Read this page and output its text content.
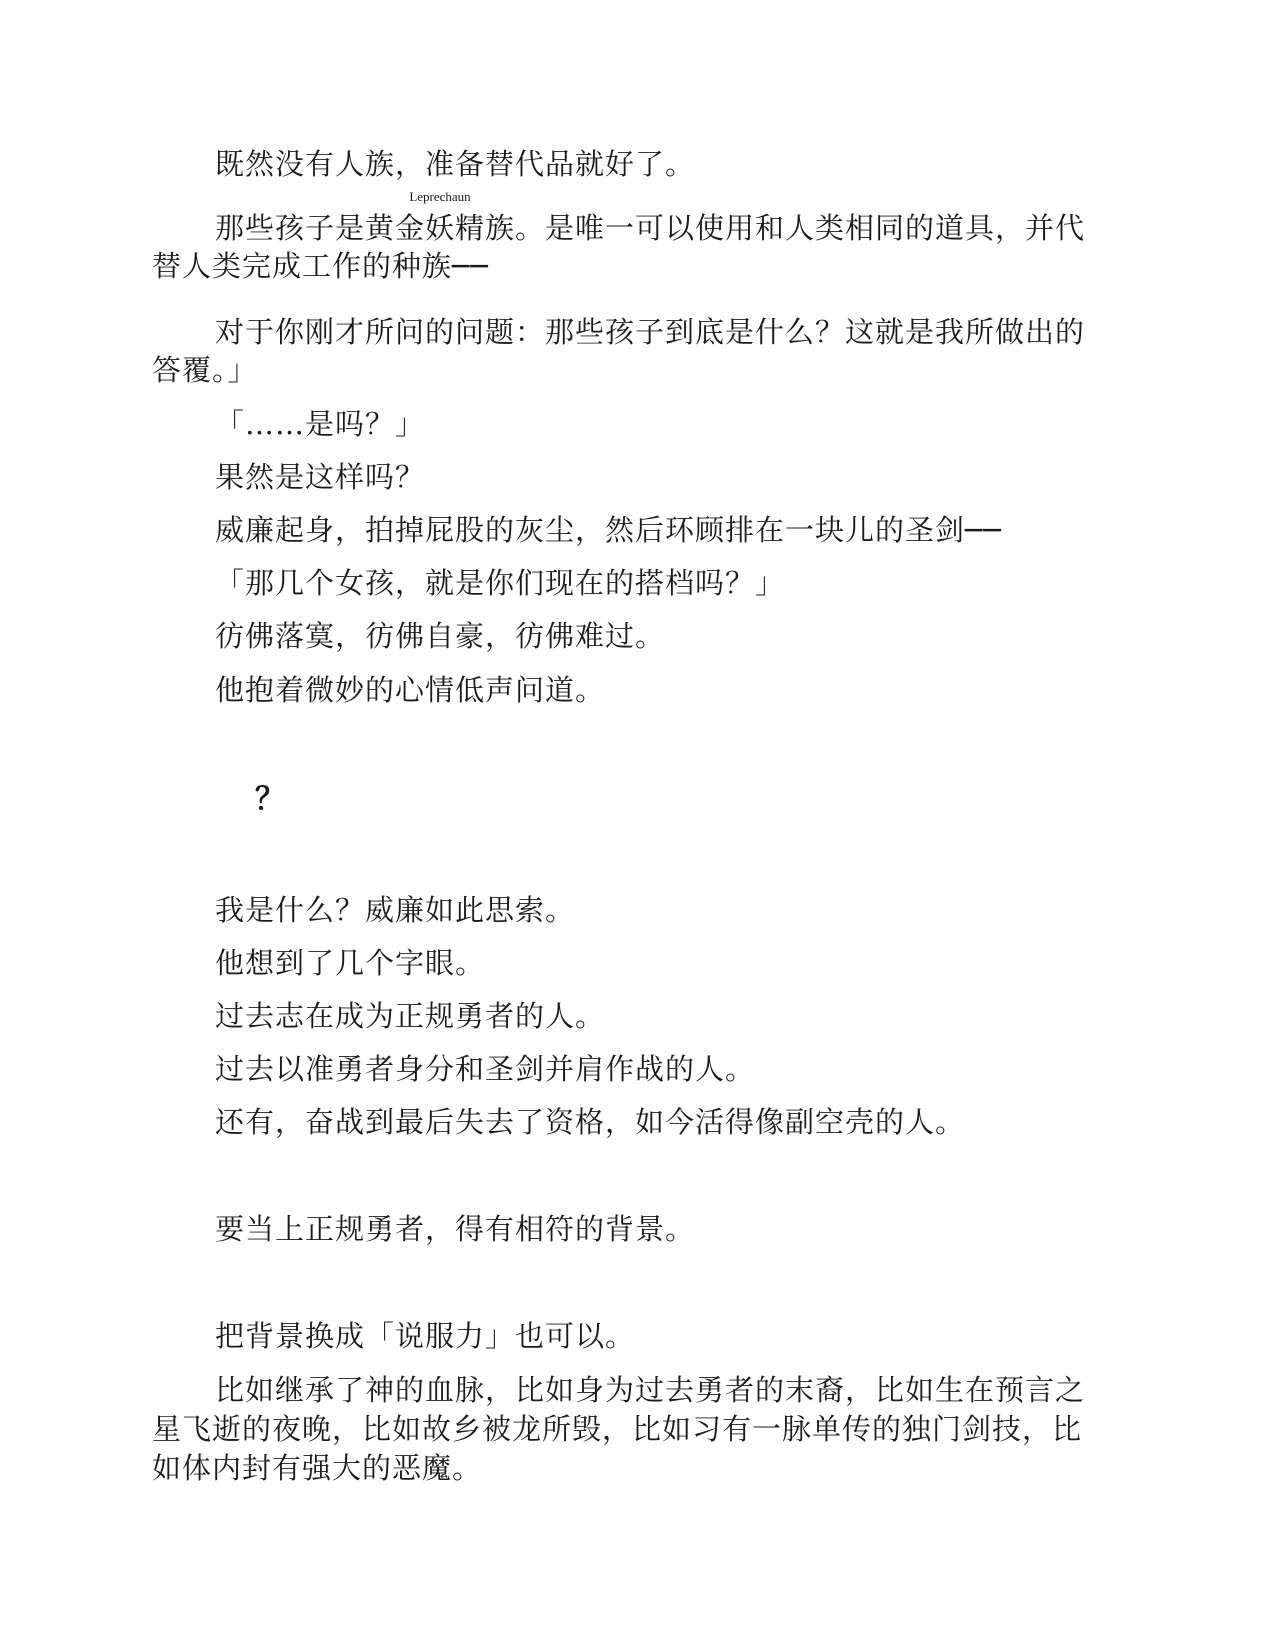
既然没有人族，准备替代品就好了。

那些孩子是
Leprechaun
黄金妖精族。是唯一可以使用和人类相同的道具，并代

替人类完成工作的种族──

对于你刚才所问的问题：那些孩子到底是什么？这就是我所做出的

答覆。」

「……是吗？」

果然是这样吗？

威廉起身，拍掉屁股的灰尘，然后环顾排在一块儿的圣剑──

「那几个女孩，就是你们现在的搭档吗？」

彷佛落寞，彷佛自豪，彷佛难过。

他抱着微妙的心情低声问道。

？

我是什么？威廉如此思索。

他想到了几个字眼。

过去志在成为正规勇者的人。

过去以准勇者身分和圣剑并肩作战的人。

还有，奋战到最后失去了资格，如今活得像副空壳的人。

要当上正规勇者，得有相符的背景。

把背景换成「说服力」也可以。

比如继承了神的血脉，比如身为过去勇者的末裔，比如生在预言之

星飞逝的夜晚，比如故乡被龙所毁，比如习有一脉单传的独门剑技，比

如体内封有强大的恶魔。
